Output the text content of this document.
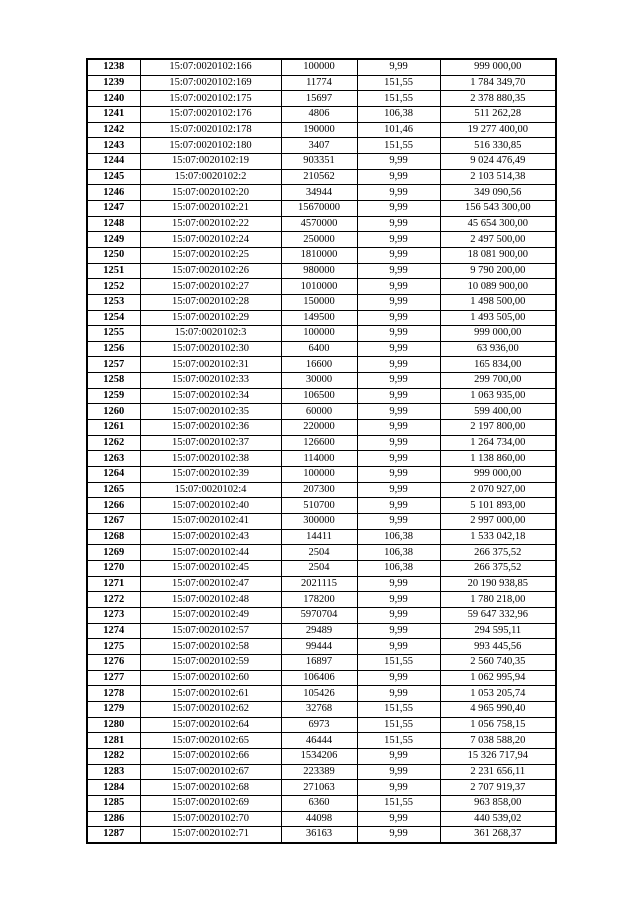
1238	15:07:0020102:166	100000	9,99	999 000,00
1239	15:07:0020102:169	11774	151,55	1 784 349,70
1240	15:07:0020102:175	15697	151,55	2 378 880,35
1241	15:07:0020102:176	4806	106,38	511 262,28
1242	15:07:0020102:178	190000	101,46	19 277 400,00
1243	15:07:0020102:180	3407	151,55	516 330,85
1244	15:07:0020102:19	903351	9,99	9 024 476,49
1245	15:07:0020102:2	210562	9,99	2 103 514,38
1246	15:07:0020102:20	34944	9,99	349 090,56
1247	15:07:0020102:21	15670000	9,99	156 543 300,00
1248	15:07:0020102:22	4570000	9,99	45 654 300,00
1249	15:07:0020102:24	250000	9,99	2 497 500,00
1250	15:07:0020102:25	1810000	9,99	18 081 900,00
1251	15:07:0020102:26	980000	9,99	9 790 200,00
1252	15:07:0020102:27	1010000	9,99	10 089 900,00
1253	15:07:0020102:28	150000	9,99	1 498 500,00
1254	15:07:0020102:29	149500	9,99	1 493 505,00
1255	15:07:0020102:3	100000	9,99	999 000,00
1256	15:07:0020102:30	6400	9,99	63 936,00
1257	15:07:0020102:31	16600	9,99	165 834,00
1258	15:07:0020102:33	30000	9,99	299 700,00
1259	15:07:0020102:34	106500	9,99	1 063 935,00
1260	15:07:0020102:35	60000	9,99	599 400,00
1261	15:07:0020102:36	220000	9,99	2 197 800,00
1262	15:07:0020102:37	126600	9,99	1 264 734,00
1263	15:07:0020102:38	114000	9,99	1 138 860,00
1264	15:07:0020102:39	100000	9,99	999 000,00
1265	15:07:0020102:4	207300	9,99	2 070 927,00
1266	15:07:0020102:40	510700	9,99	5 101 893,00
1267	15:07:0020102:41	300000	9,99	2 997 000,00
1268	15:07:0020102:43	14411	106,38	1 533 042,18
1269	15:07:0020102:44	2504	106,38	266 375,52
1270	15:07:0020102:45	2504	106,38	266 375,52
1271	15:07:0020102:47	2021115	9,99	20 190 938,85
1272	15:07:0020102:48	178200	9,99	1 780 218,00
1273	15:07:0020102:49	5970704	9,99	59 647 332,96
1274	15:07:0020102:57	29489	9,99	294 595,11
1275	15:07:0020102:58	99444	9,99	993 445,56
1276	15:07:0020102:59	16897	151,55	2 560 740,35
1277	15:07:0020102:60	106406	9,99	1 062 995,94
1278	15:07:0020102:61	105426	9,99	1 053 205,74
1279	15:07:0020102:62	32768	151,55	4 965 990,40
1280	15:07:0020102:64	6973	151,55	1 056 758,15
1281	15:07:0020102:65	46444	151,55	7 038 588,20
1282	15:07:0020102:66	1534206	9,99	15 326 717,94
1283	15:07:0020102:67	223389	9,99	2 231 656,11
1284	15:07:0020102:68	271063	9,99	2 707 919,37
1285	15:07:0020102:69	6360	151,55	963 858,00
1286	15:07:0020102:70	44098	9,99	440 539,02
1287	15:07:0020102:71	36163	9,99	361 268,37
